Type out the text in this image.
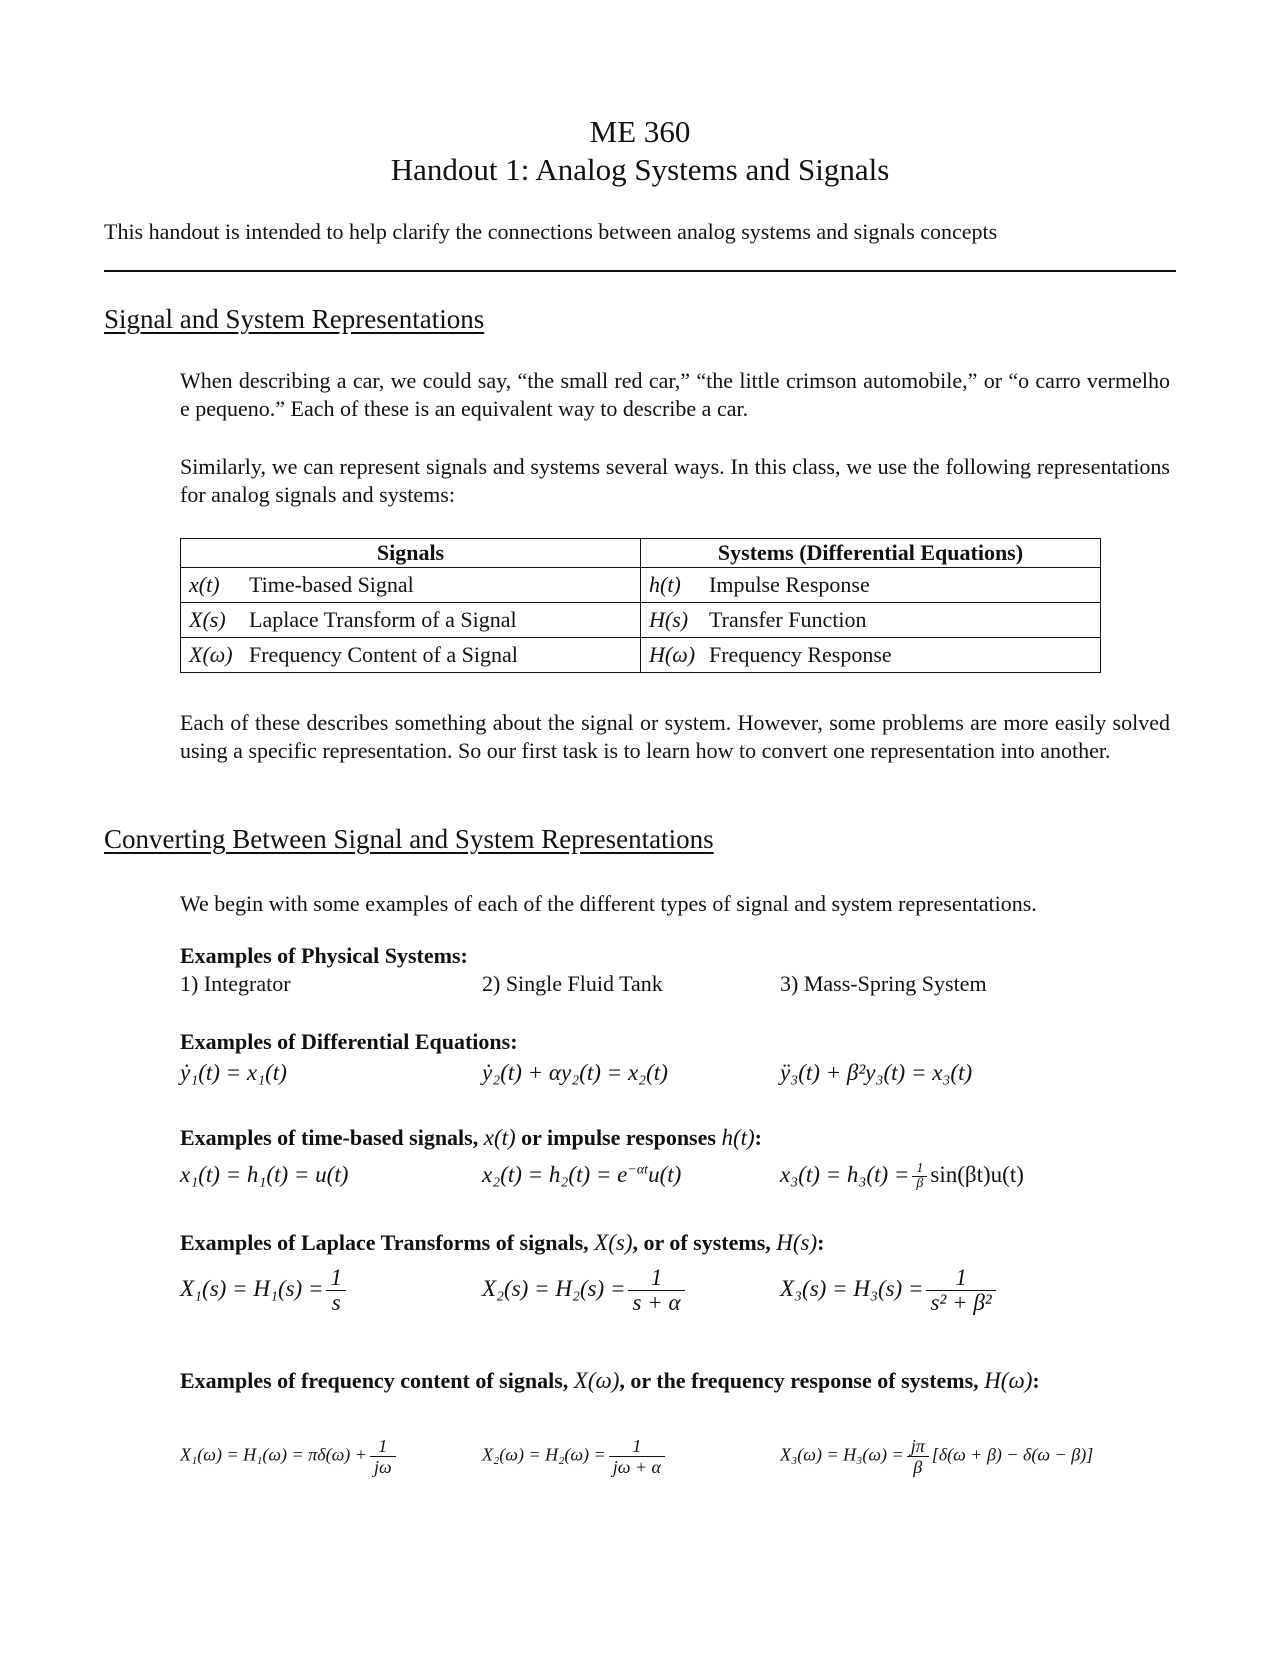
ME 360
Handout 1: Analog Systems and Signals
This handout is intended to help clarify the connections between analog systems and signals concepts
Signal and System Representations

When describing a car, we could say, “the small red car,” “the little crimson automobile,” or “o carro vermelho e pequeno.” Each of these is an equivalent way to describe a car.

Similarly, we can represent signals and systems several ways. In this class, we use the following representations for analog signals and systems:

Signals	Systems (Differential Equations)
x(t) Time-based Signal	h(t) Impulse Response
X(s) Laplace Transform of a Signal	H(s) Transfer Function
X(ω) Frequency Content of a Signal	H(ω) Frequency Response

Each of these describes something about the signal or system. However, some problems are more easily solved using a specific representation. So our first task is to learn how to convert one representation into another.

Converting Between Signal and System Representations

We begin with some examples of each of the different types of signal and system representations.

Examples of Physical Systems:
1) Integrator	2) Single Fluid Tank	3) Mass-Spring System
Examples of Differential Equations:
ẏ₁(t) = x₁(t)	ẏ₂(t) + αy₂(t) = x₂(t)	ÿ₃(t) + β²y₃(t) = x₃(t)
Examples of time-based signals, x(t) or impulse responses h(t):
x₁(t) = h₁(t) = u(t)	$x_2(t) = h_2(t) = e^{-\alpha t}u(t)$	$x_3(t) = h_3(t) = \frac{1}{\beta} \sin(\beta t)u(t)$
Examples of Laplace Transforms of signals, X(s), or of systems, H(s):
$X_1(s) = H_1(s) = \frac{1}{s}$	$X_2(s) = H_2(s) = \frac{1}{s + \alpha}$	$X_3(s) = H_3(s) = \frac{1}{\text{s² + β²}}$
Examples of frequency content of signals, X(ω), or the frequency response of systems, H(ω):
$X_1(\omega) = H_1(\omega) = \pi\delta(\omega) + \frac{1}{j\omega}$	$X_2(\omega) = H_2(\omega) = \frac{1}{j\omega + \alpha}$	$X_3(\omega) = H_3(\omega) = \frac{j\pi}{\beta} [\delta(\omega + \beta) - \delta(\omega - \beta)]$
